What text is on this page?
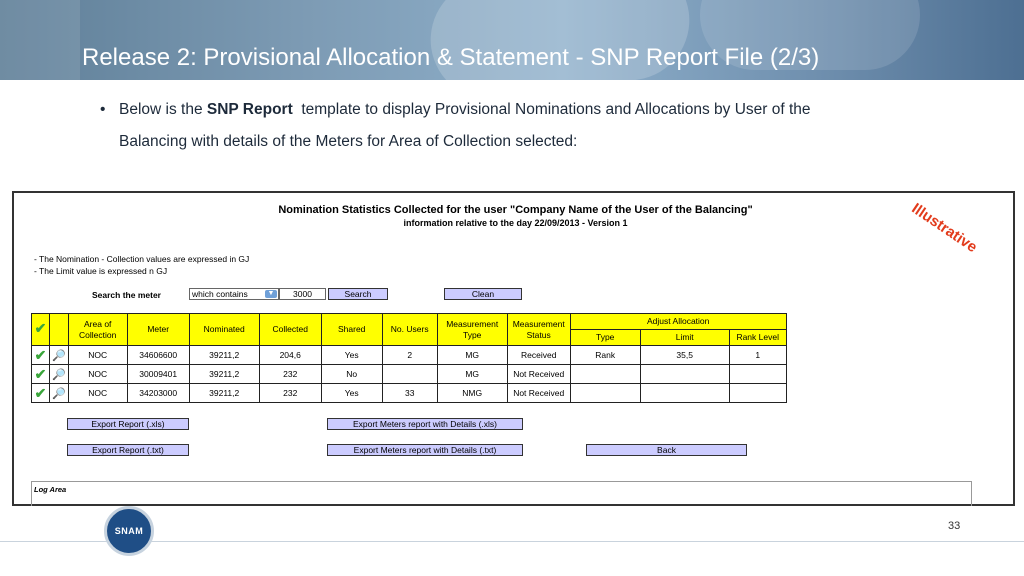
Release 2: Provisional Allocation & Statement - SNP Report File (2/3)
• Below is the SNP Report  template to display Provisional Nominations and Allocations by User of the
Balancing with details of the Meters for Area of Collection selected:
Nomination Statistics Collected for the user "Company Name of the User of the Balancing"
information relative to the day 22/09/2013 - Version 1
- The Nomination - Collection values are expressed in GJ
- The Limit value is expressed n GJ
Search the meter	which contains	▼	3000	Search	Clean
✔		Area of Collection	Meter	Nominated	Collected	Shared	No. Users	Measurement Type	Measurement Status	Adjust Allocation		
										Type	Limit	Rank Level
✔	🔎	NOC	34606600	39211,2	204,6	Yes	2	MG	Received	Rank	35,5	1
✔	🔎	NOC	30009401	39211,2	232	No		MG	Not Received			
✔	🔎	NOC	34203000	39211,2	232	Yes	33	NMG	Not Received			
Export Report (.xls)	Export Meters report with Details (.xls)
Export Report (.txt)	Export Meters report with Details (.txt)	Back
Log Area
Illustrative
SNAM	33
